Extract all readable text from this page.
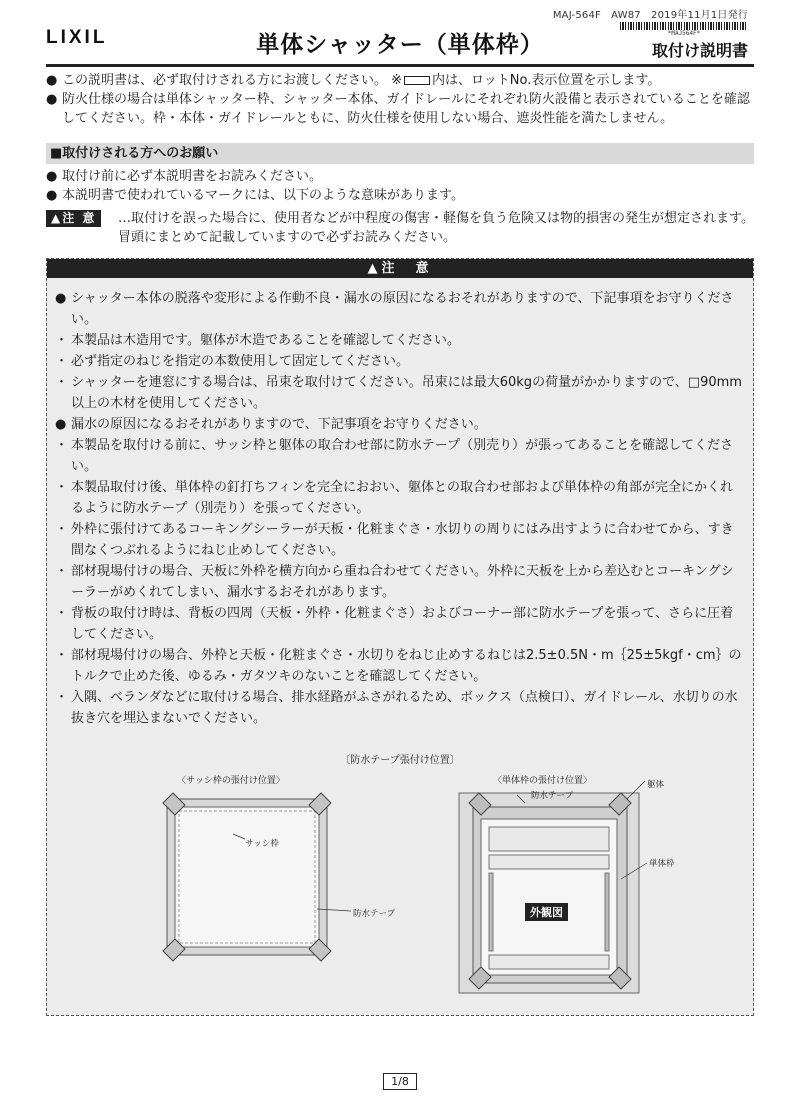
MAJ-564F　AW87　2019年11月1日発行
*MAJ564F*
LIXIL	単体シャッター（単体枠）	取付け説明書

● この説明書は、必ず取付けされる方にお渡しください。 ※ 内は、ロットNo.表示位置を示します。

● 防火仕様の場合は単体シャッター枠、シャッター本体、ガイドレールにそれぞれ防火設備と表示されていることを確認してください。枠・本体・ガイドレールともに、防火仕様を使用しない場合、遮炎性能を満たしません。

■取付けされる方へのお願い

● 取付け前に必ず本説明書をお読みください。

● 本説明書で使われているマークには、以下のような意味があります。

▲注 意	…取付けを誤った場合に、使用者などが中程度の傷害・軽傷を負う危険又は物的損害の発生が想定されます。冒頭にまとめて記載していますので必ずお読みください。
▲注　意

● シャッター本体の脱落や変形による作動不良・漏水の原因になるおそれがありますので、下記事項をお守りください。

・ 本製品は木造用です。躯体が木造であることを確認してください。

・ 必ず指定のねじを指定の本数使用して固定してください。

・ シャッターを連窓にする場合は、吊束を取付けてください。吊束には最大60kgの荷量がかかりますので、□90mm以上の木材を使用してください。

● 漏水の原因になるおそれがありますので、下記事項をお守りください。

・ 本製品を取付ける前に、サッシ枠と躯体の取合わせ部に防水テープ（別売り）が張ってあることを確認してください。

・ 本製品取付け後、単体枠の釘打ちフィンを完全におおい、躯体との取合わせ部および単体枠の角部が完全にかくれるように防水テープ（別売り）を張ってください。

・ 外枠に張付けてあるコーキングシーラーが天板・化粧まぐさ・水切りの周りにはみ出すように合わせてから、すき間なくつぶれるようにねじ止めしてください。

・ 部材現場付けの場合、天板に外枠を横方向から重ね合わせてください。外枠に天板を上から差込むとコーキングシーラーがめくれてしまい、漏水するおそれがあります。

・ 背板の取付け時は、背板の四周（天板・外枠・化粧まぐさ）およびコーナー部に防水テープを張って、さらに圧着してください。

・ 部材現場付けの場合、外枠と天板・化粧まぐさ・水切りをねじ止めするねじは2.5±0.5N・m｛25±5kgf・cm｝のトルクで止めた後、ゆるみ・ガタツキのないことを確認してください。

・ 入隅、ベランダなどに取付ける場合、排水経路がふさがれるため、ボックス（点検口）、ガイドレール、水切りの水抜き穴を埋込まないでください。

〔防水テープ張付け位置〕
〈サッシ枠の張付け位置〉	〈単体枠の張付け位置〉
サッシ枠
防水テープ
躯体
防水テープ
単体枠
外観図
1/8
